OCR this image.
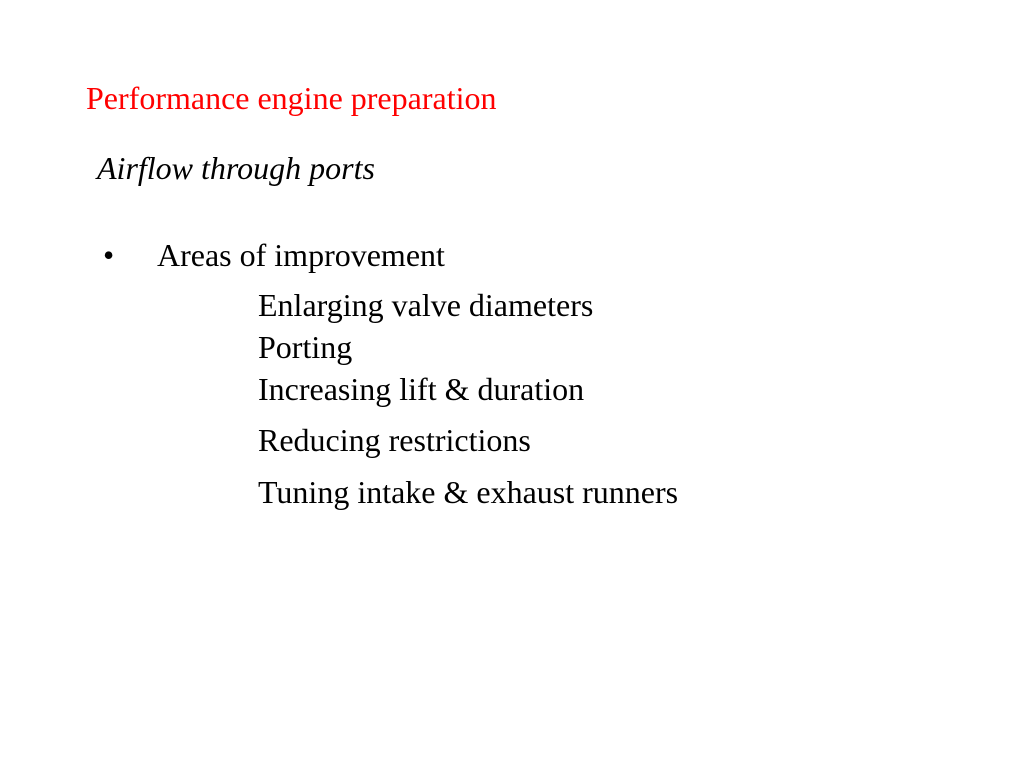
Performance engine preparation
Airflow through ports
• Areas of improvement
Enlarging valve diameters
Porting
Increasing lift & duration
Reducing restrictions
Tuning intake & exhaust runners
